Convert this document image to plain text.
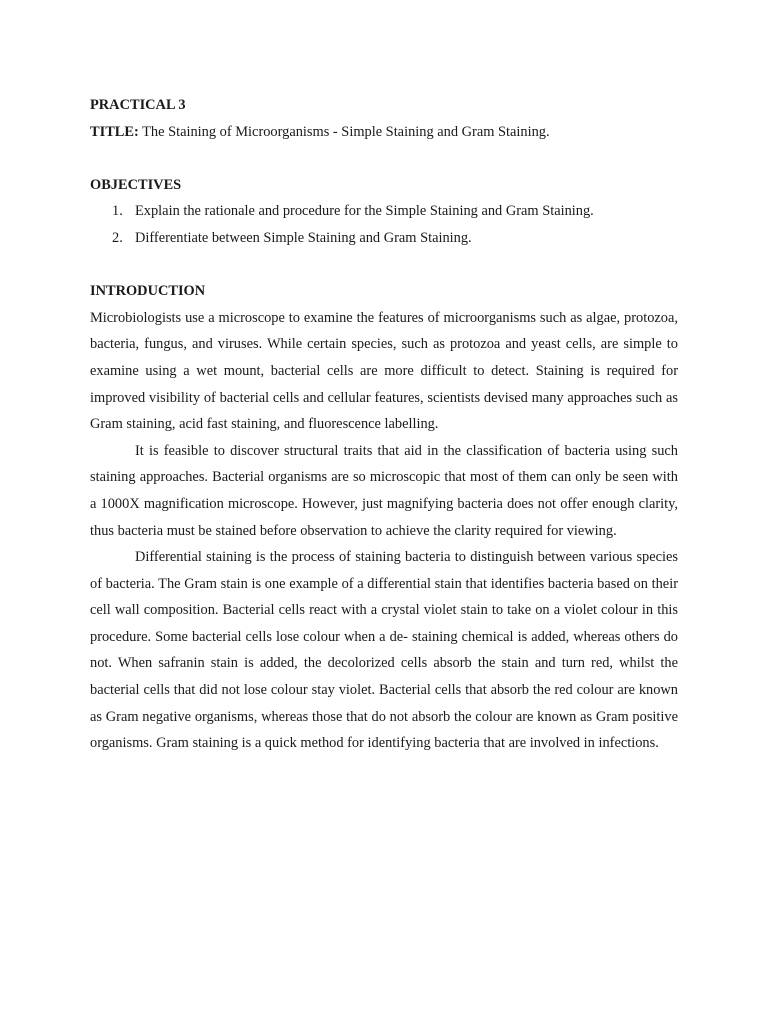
PRACTICAL 3

TITLE: The Staining of Microorganisms - Simple Staining and Gram Staining.

OBJECTIVES

1. Explain the rationale and procedure for the Simple Staining and Gram Staining.
2. Differentiate between Simple Staining and Gram Staining.

INTRODUCTION

Microbiologists use a microscope to examine the features of microorganisms such as algae, protozoa, bacteria, fungus, and viruses. While certain species, such as protozoa and yeast cells, are simple to examine using a wet mount, bacterial cells are more difficult to detect. Staining is required for improved visibility of bacterial cells and cellular features, scientists devised many approaches such as Gram staining, acid fast staining, and fluorescence labelling.

It is feasible to discover structural traits that aid in the classification of bacteria using such staining approaches. Bacterial organisms are so microscopic that most of them can only be seen with a 1000X magnification microscope. However, just magnifying bacteria does not offer enough clarity, thus bacteria must be stained before observation to achieve the clarity required for viewing.

Differential staining is the process of staining bacteria to distinguish between various species of bacteria. The Gram stain is one example of a differential stain that identifies bacteria based on their cell wall composition. Bacterial cells react with a crystal violet stain to take on a violet colour in this procedure. Some bacterial cells lose colour when a de- staining chemical is added, whereas others do not. When safranin stain is added, the decolorized cells absorb the stain and turn red, whilst the bacterial cells that did not lose colour stay violet. Bacterial cells that absorb the red colour are known as Gram negative organisms, whereas those that do not absorb the colour are known as Gram positive organisms. Gram staining is a quick method for identifying bacteria that are involved in infections.
